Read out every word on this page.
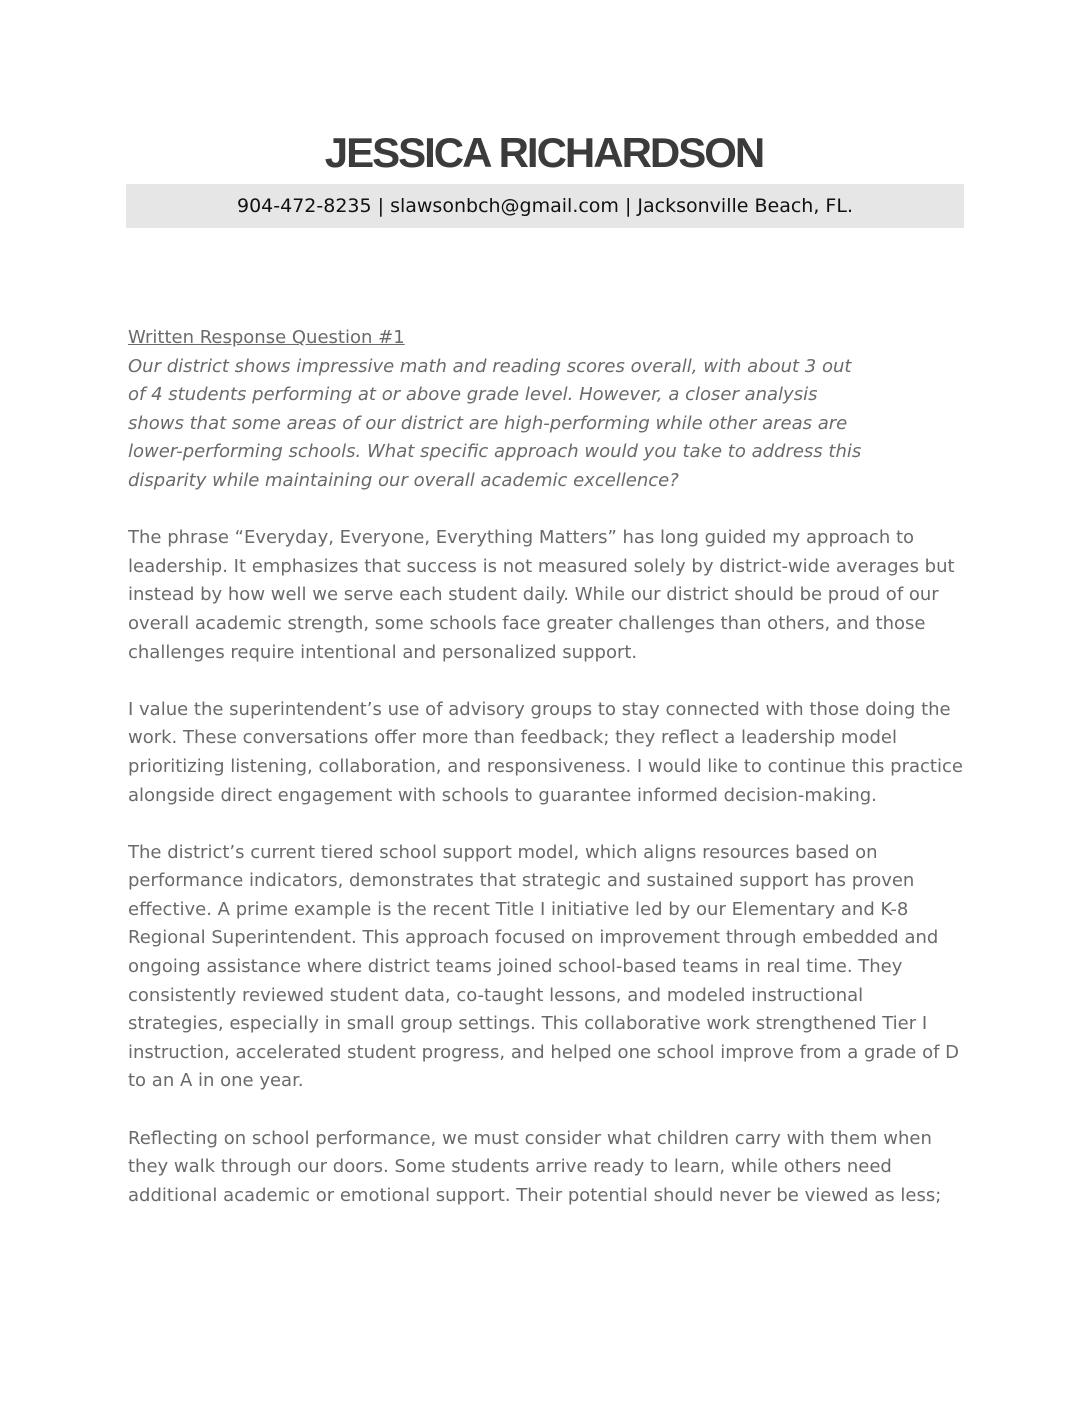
JESSICA RICHARDSON
904-472-8235 | slawsonbch@gmail.com | Jacksonville Beach, FL.

Written Response Question #1

Our district shows impressive math and reading scores overall, with about 3 out of 4 students performing at or above grade level. However, a closer analysis shows that some areas of our district are high-performing while other areas are lower-performing schools. What specific approach would you take to address this disparity while maintaining our overall academic excellence?

The phrase “Everyday, Everyone, Everything Matters” has long guided my approach to leadership. It emphasizes that success is not measured solely by district-wide averages but instead by how well we serve each student daily. While our district should be proud of our overall academic strength, some schools face greater challenges than others, and those challenges require intentional and personalized support.

I value the superintendent’s use of advisory groups to stay connected with those doing the work. These conversations offer more than feedback; they reflect a leadership model prioritizing listening, collaboration, and responsiveness. I would like to continue this practice alongside direct engagement with schools to guarantee informed decision-making.

The district’s current tiered school support model, which aligns resources based on performance indicators, demonstrates that strategic and sustained support has proven effective. A prime example is the recent Title I initiative led by our Elementary and K-8 Regional Superintendent. This approach focused on improvement through embedded and ongoing assistance where district teams joined school-based teams in real time. They consistently reviewed student data, co-taught lessons, and modeled instructional strategies, especially in small group settings. This collaborative work strengthened Tier I instruction, accelerated student progress, and helped one school improve from a grade of D to an A in one year.

Reflecting on school performance, we must consider what children carry with them when they walk through our doors. Some students arrive ready to learn, while others need additional academic or emotional support. Their potential should never be viewed as less;
